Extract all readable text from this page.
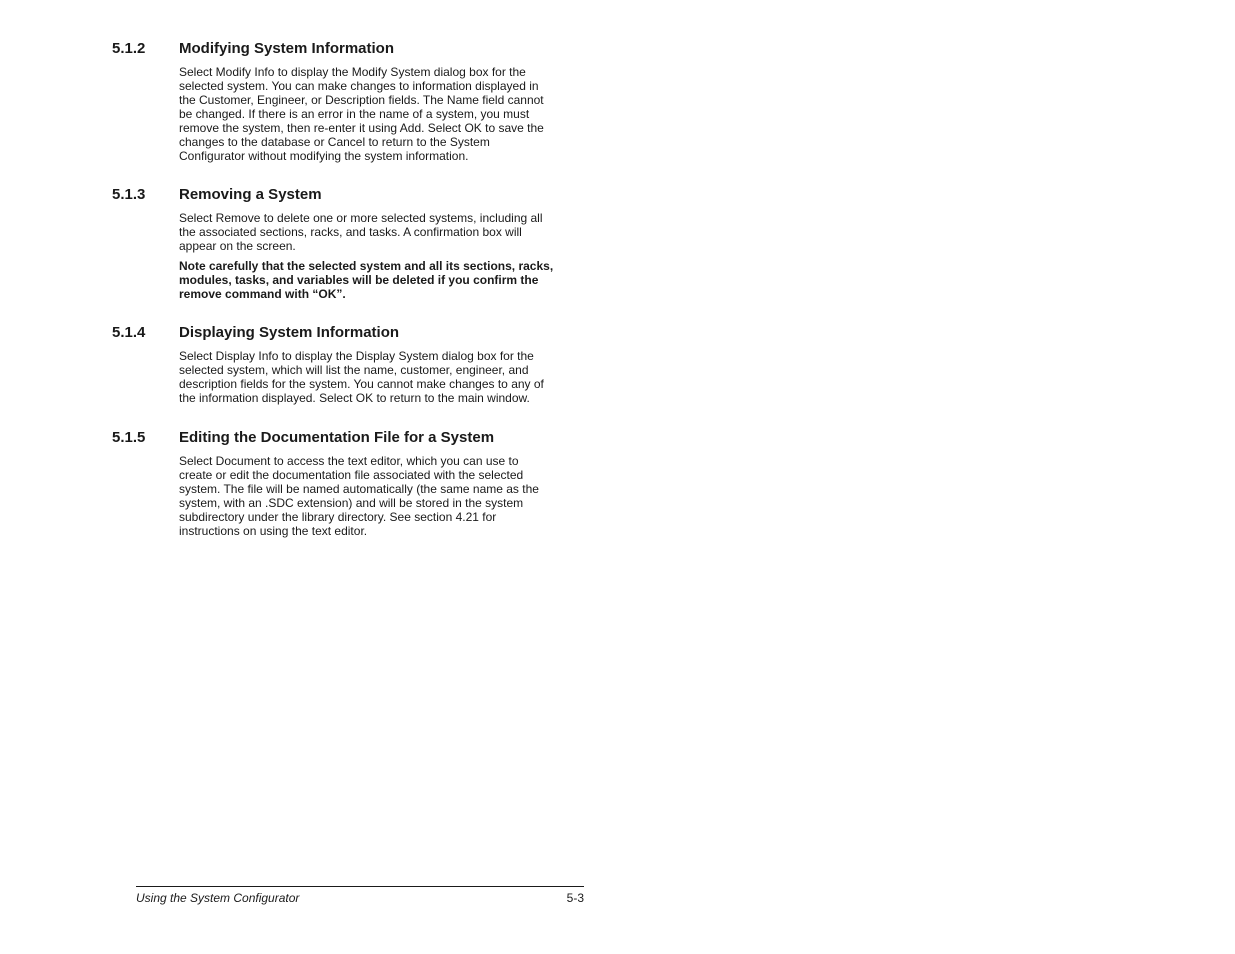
5.1.2 Modifying System Information

Select Modify Info to display the Modify System dialog box for the
selected system. You can make changes to information displayed in
the Customer, Engineer, or Description fields. The Name field cannot
be changed. If there is an error in the name of a system, you must
remove the system, then re-enter it using Add. Select OK to save the
changes to the database or Cancel to return to the System
Configurator without modifying the system information.

5.1.3 Removing a System

Select Remove to delete one or more selected systems, including all
the associated sections, racks, and tasks. A confirmation box will
appear on the screen.

Note carefully that the selected system and all its sections, racks,
modules, tasks, and variables will be deleted if you confirm the
remove command with “OK”.

5.1.4 Displaying System Information

Select Display Info to display the Display System dialog box for the
selected system, which will list the name, customer, engineer, and
description fields for the system. You cannot make changes to any of
the information displayed. Select OK to return to the main window.

5.1.5 Editing the Documentation File for a System

Select Document to access the text editor, which you can use to
create or edit the documentation file associated with the selected
system. The file will be named automatically (the same name as the
system, with an .SDC extension) and will be stored in the system
subdirectory under the library directory. See section 4.21 for
instructions on using the text editor.

Using the System Configurator	5-3
